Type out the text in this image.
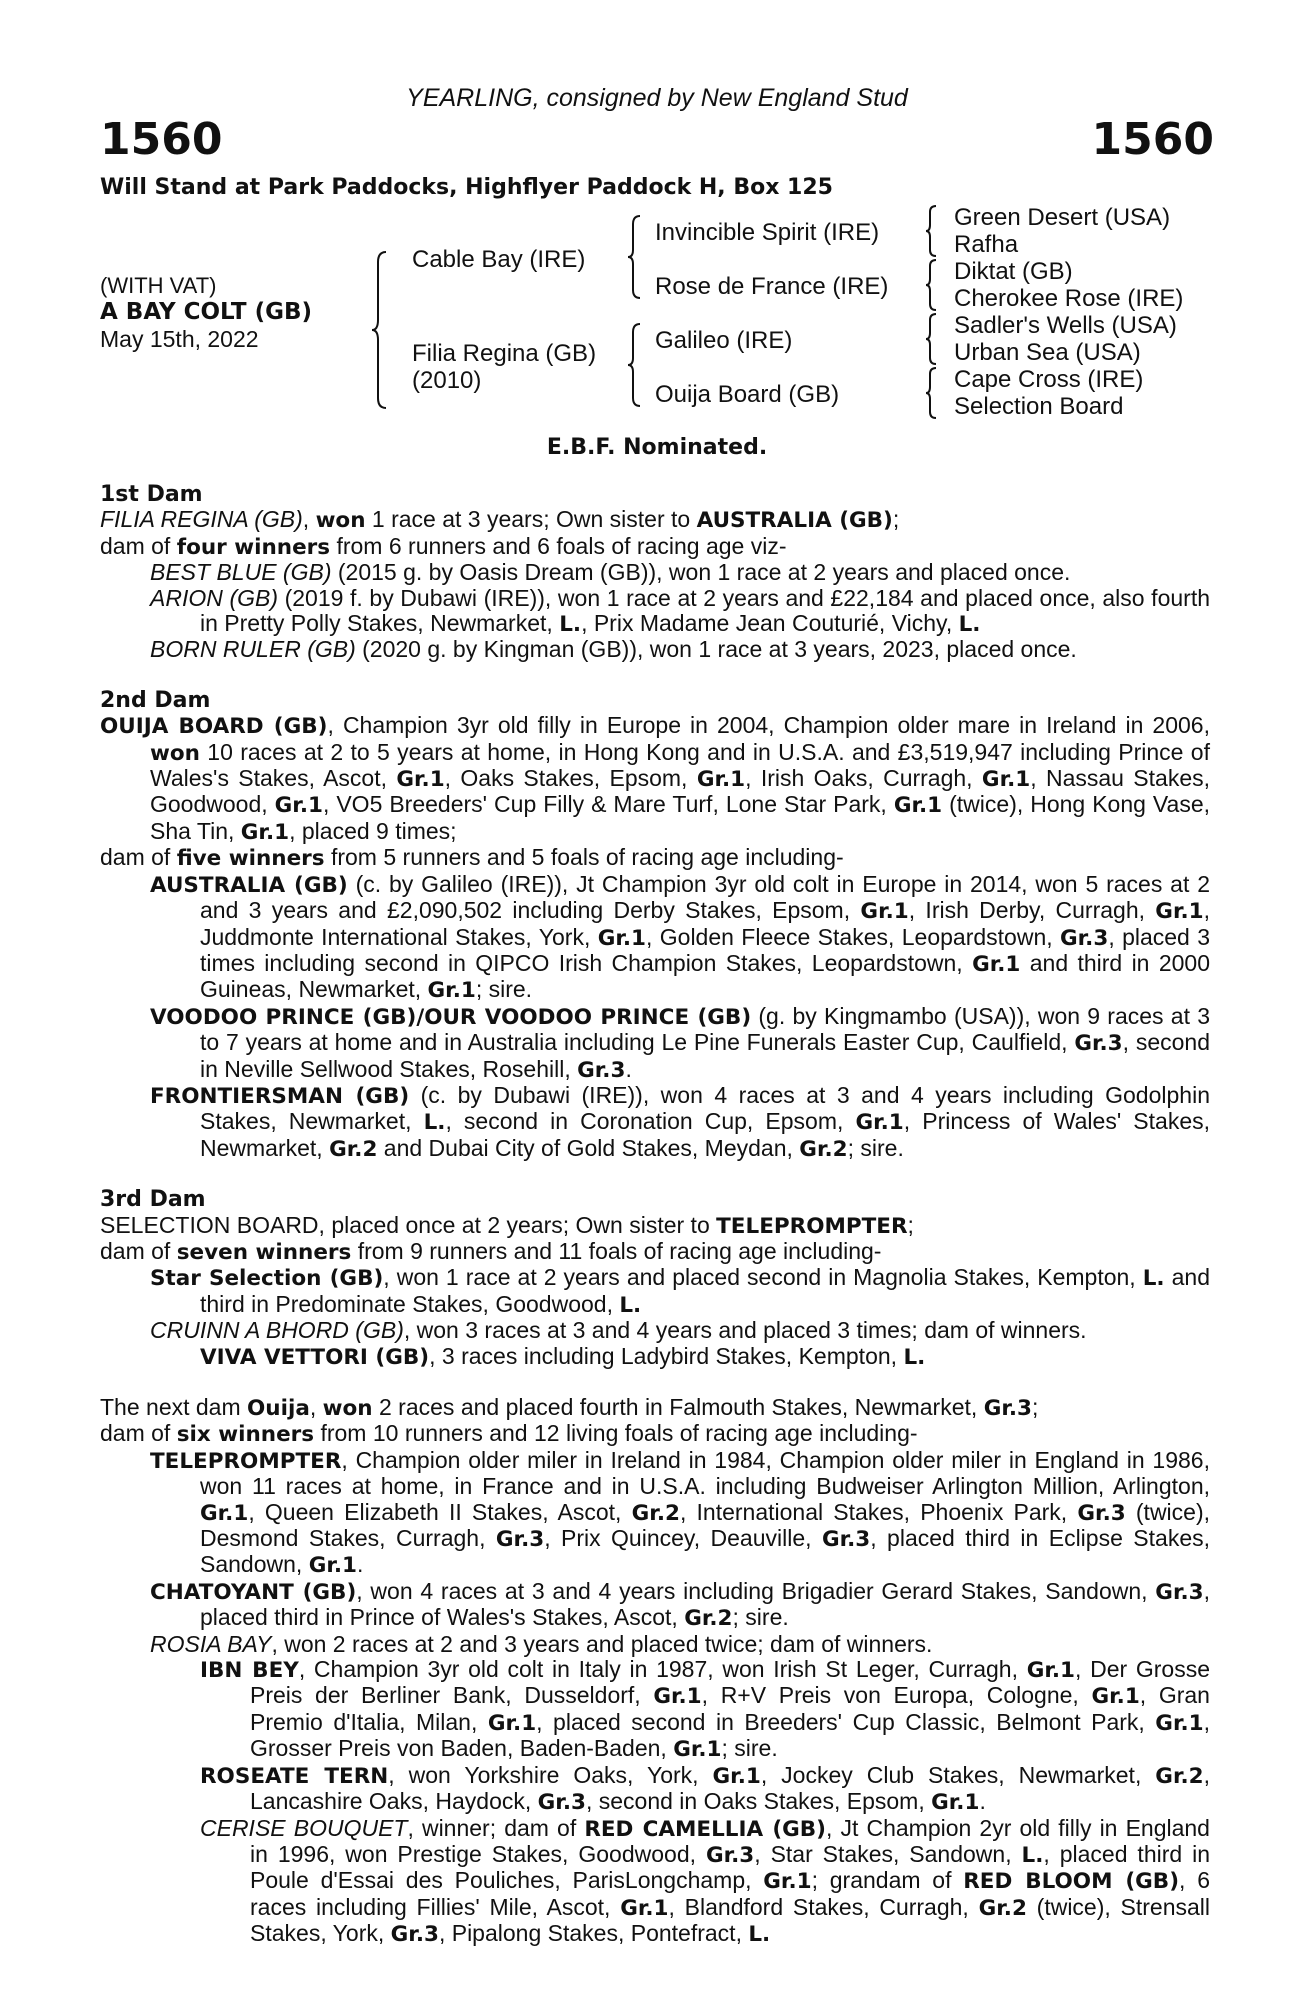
YEARLING, consigned by New England Stud
1560	1560
Will Stand at Park Paddocks, Highflyer Paddock H, Box 125
(WITH VAT)
A BAY COLT (GB)
May 15th, 2022
Cable Bay (IRE)
Filia Regina (GB)
(2010)
Invincible Spirit (IRE)
Rose de France (IRE)
Galileo (IRE)
Ouija Board (GB)
Green Desert (USA)
Rafha
Diktat (GB)
Cherokee Rose (IRE)
Sadler's Wells (USA)
Urban Sea (USA)
Cape Cross (IRE)
Selection Board
E.B.F. Nominated.
1st Dam
FILIA REGINA (GB), won 1 race at 3 years; Own sister to AUSTRALIA (GB);
dam of four winners from 6 runners and 6 foals of racing age viz-
BEST BLUE (GB) (2015 g. by Oasis Dream (GB)), won 1 race at 2 years and placed once.
ARION (GB) (2019 f. by Dubawi (IRE)), won 1 race at 2 years and £22,184 and placed once, also fourth in Pretty Polly Stakes, Newmarket, L., Prix Madame Jean Couturié, Vichy, L.
BORN RULER (GB) (2020 g. by Kingman (GB)), won 1 race at 3 years, 2023, placed once.
2nd Dam
OUIJA BOARD (GB), Champion 3yr old filly in Europe in 2004, Champion older mare in Ireland in 2006, won 10 races at 2 to 5 years at home, in Hong Kong and in U.S.A. and £3,519,947 including Prince of Wales's Stakes, Ascot, Gr.1, Oaks Stakes, Epsom, Gr.1, Irish Oaks, Curragh, Gr.1, Nassau Stakes, Goodwood, Gr.1, VO5 Breeders' Cup Filly & Mare Turf, Lone Star Park, Gr.1 (twice), Hong Kong Vase, Sha Tin, Gr.1, placed 9 times;
dam of five winners from 5 runners and 5 foals of racing age including-
AUSTRALIA (GB) (c. by Galileo (IRE)), Jt Champion 3yr old colt in Europe in 2014, won 5 races at 2 and 3 years and £2,090,502 including Derby Stakes, Epsom, Gr.1, Irish Derby, Curragh, Gr.1, Juddmonte International Stakes, York, Gr.1, Golden Fleece Stakes, Leopardstown, Gr.3, placed 3 times including second in QIPCO Irish Champion Stakes, Leopardstown, Gr.1 and third in 2000 Guineas, Newmarket, Gr.1; sire.
VOODOO PRINCE (GB)/OUR VOODOO PRINCE (GB) (g. by Kingmambo (USA)), won 9 races at 3 to 7 years at home and in Australia including Le Pine Funerals Easter Cup, Caulfield, Gr.3, second in Neville Sellwood Stakes, Rosehill, Gr.3.
FRONTIERSMAN (GB) (c. by Dubawi (IRE)), won 4 races at 3 and 4 years including Godolphin Stakes, Newmarket, L., second in Coronation Cup, Epsom, Gr.1, Princess of Wales' Stakes, Newmarket, Gr.2 and Dubai City of Gold Stakes, Meydan, Gr.2; sire.
3rd Dam
SELECTION BOARD, placed once at 2 years; Own sister to TELEPROMPTER;
dam of seven winners from 9 runners and 11 foals of racing age including-
Star Selection (GB), won 1 race at 2 years and placed second in Magnolia Stakes, Kempton, L. and third in Predominate Stakes, Goodwood, L.
CRUINN A BHORD (GB), won 3 races at 3 and 4 years and placed 3 times; dam of winners.
VIVA VETTORI (GB), 3 races including Ladybird Stakes, Kempton, L.
The next dam Ouija, won 2 races and placed fourth in Falmouth Stakes, Newmarket, Gr.3;
dam of six winners from 10 runners and 12 living foals of racing age including-
TELEPROMPTER, Champion older miler in Ireland in 1984, Champion older miler in England in 1986, won 11 races at home, in France and in U.S.A. including Budweiser Arlington Million, Arlington, Gr.1, Queen Elizabeth II Stakes, Ascot, Gr.2, International Stakes, Phoenix Park, Gr.3 (twice), Desmond Stakes, Curragh, Gr.3, Prix Quincey, Deauville, Gr.3, placed third in Eclipse Stakes, Sandown, Gr.1.
CHATOYANT (GB), won 4 races at 3 and 4 years including Brigadier Gerard Stakes, Sandown, Gr.3, placed third in Prince of Wales's Stakes, Ascot, Gr.2; sire.
ROSIA BAY, won 2 races at 2 and 3 years and placed twice; dam of winners.
IBN BEY, Champion 3yr old colt in Italy in 1987, won Irish St Leger, Curragh, Gr.1, Der Grosse Preis der Berliner Bank, Dusseldorf, Gr.1, R+V Preis von Europa, Cologne, Gr.1, Gran Premio d'Italia, Milan, Gr.1, placed second in Breeders' Cup Classic, Belmont Park, Gr.1, Grosser Preis von Baden, Baden-Baden, Gr.1; sire.
ROSEATE TERN, won Yorkshire Oaks, York, Gr.1, Jockey Club Stakes, Newmarket, Gr.2, Lancashire Oaks, Haydock, Gr.3, second in Oaks Stakes, Epsom, Gr.1.
CERISE BOUQUET, winner; dam of RED CAMELLIA (GB), Jt Champion 2yr old filly in England in 1996, won Prestige Stakes, Goodwood, Gr.3, Star Stakes, Sandown, L., placed third in Poule d'Essai des Pouliches, ParisLongchamp, Gr.1; grandam of RED BLOOM (GB), 6 races including Fillies' Mile, Ascot, Gr.1, Blandford Stakes, Curragh, Gr.2 (twice), Strensall Stakes, York, Gr.3, Pipalong Stakes, Pontefract, L.
